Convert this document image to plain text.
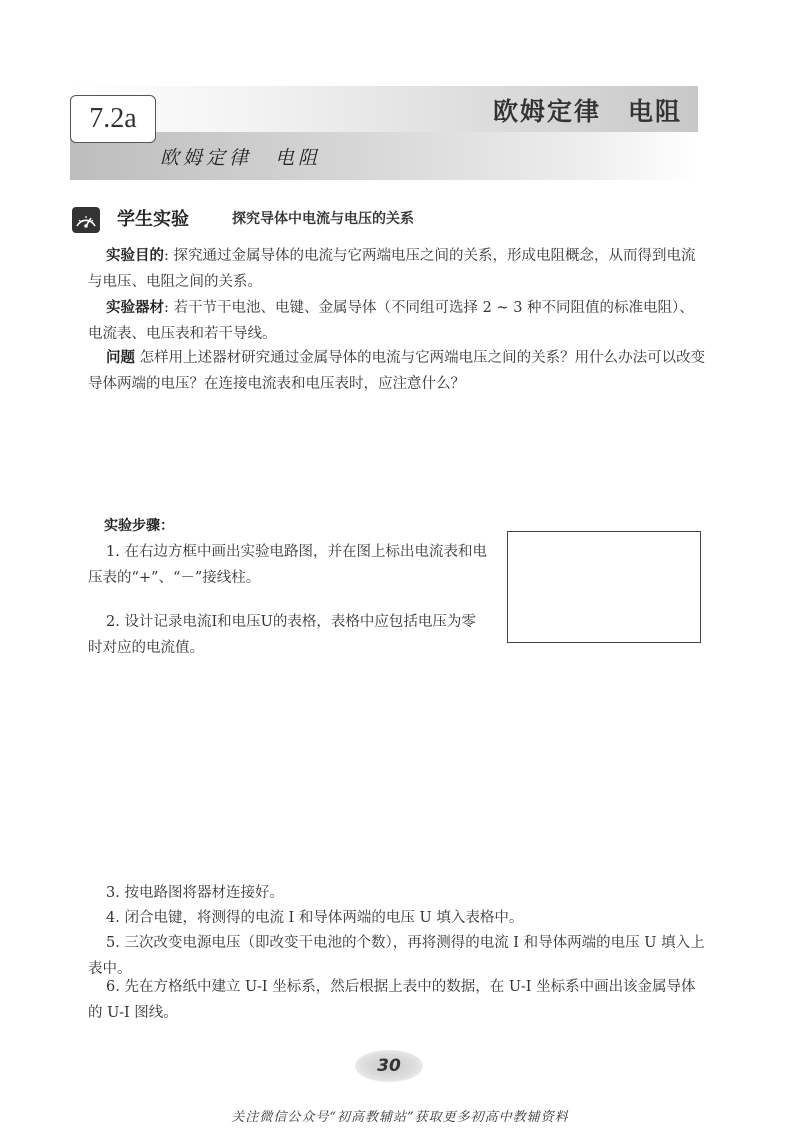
7.2a	欧姆定律　电阻
欧姆定律　电阻
学生实验	探究导体中电流与电压的关系
实验目的: 探究通过金属导体的电流与它两端电压之间的关系，形成电阻概念，从而得到电流与电压、电阻之间的关系。
实验器材: 若干节干电池、电键、金属导体（不同组可选择 2 ~ 3 种不同阻值的标准电阻）、电流表、电压表和若干导线。
问题 怎样用上述器材研究通过金属导体的电流与它两端电压之间的关系？用什么办法可以改变导体两端的电压？在连接电流表和电压表时，应注意什么？
实验步骤：
1. 在右边方框中画出实验电路图，并在图上标出电流表和电压表的“+”、“－”接线柱。
2. 设计记录电流I和电压U的表格，表格中应包括电压为零时对应的电流值。
3. 按电路图将器材连接好。
4. 闭合电键，将测得的电流 I 和导体两端的电压 U 填入表格中。
5. 三次改变电源电压（即改变干电池的个数），再将测得的电流 I 和导体两端的电压 U 填入上表中。
6. 先在方格纸中建立 U-I 坐标系，然后根据上表中的数据，在 U-I 坐标系中画出该金属导体的 U-I 图线。
30
关注微信公众号“初高教辅站”获取更多初高中教辅资料
